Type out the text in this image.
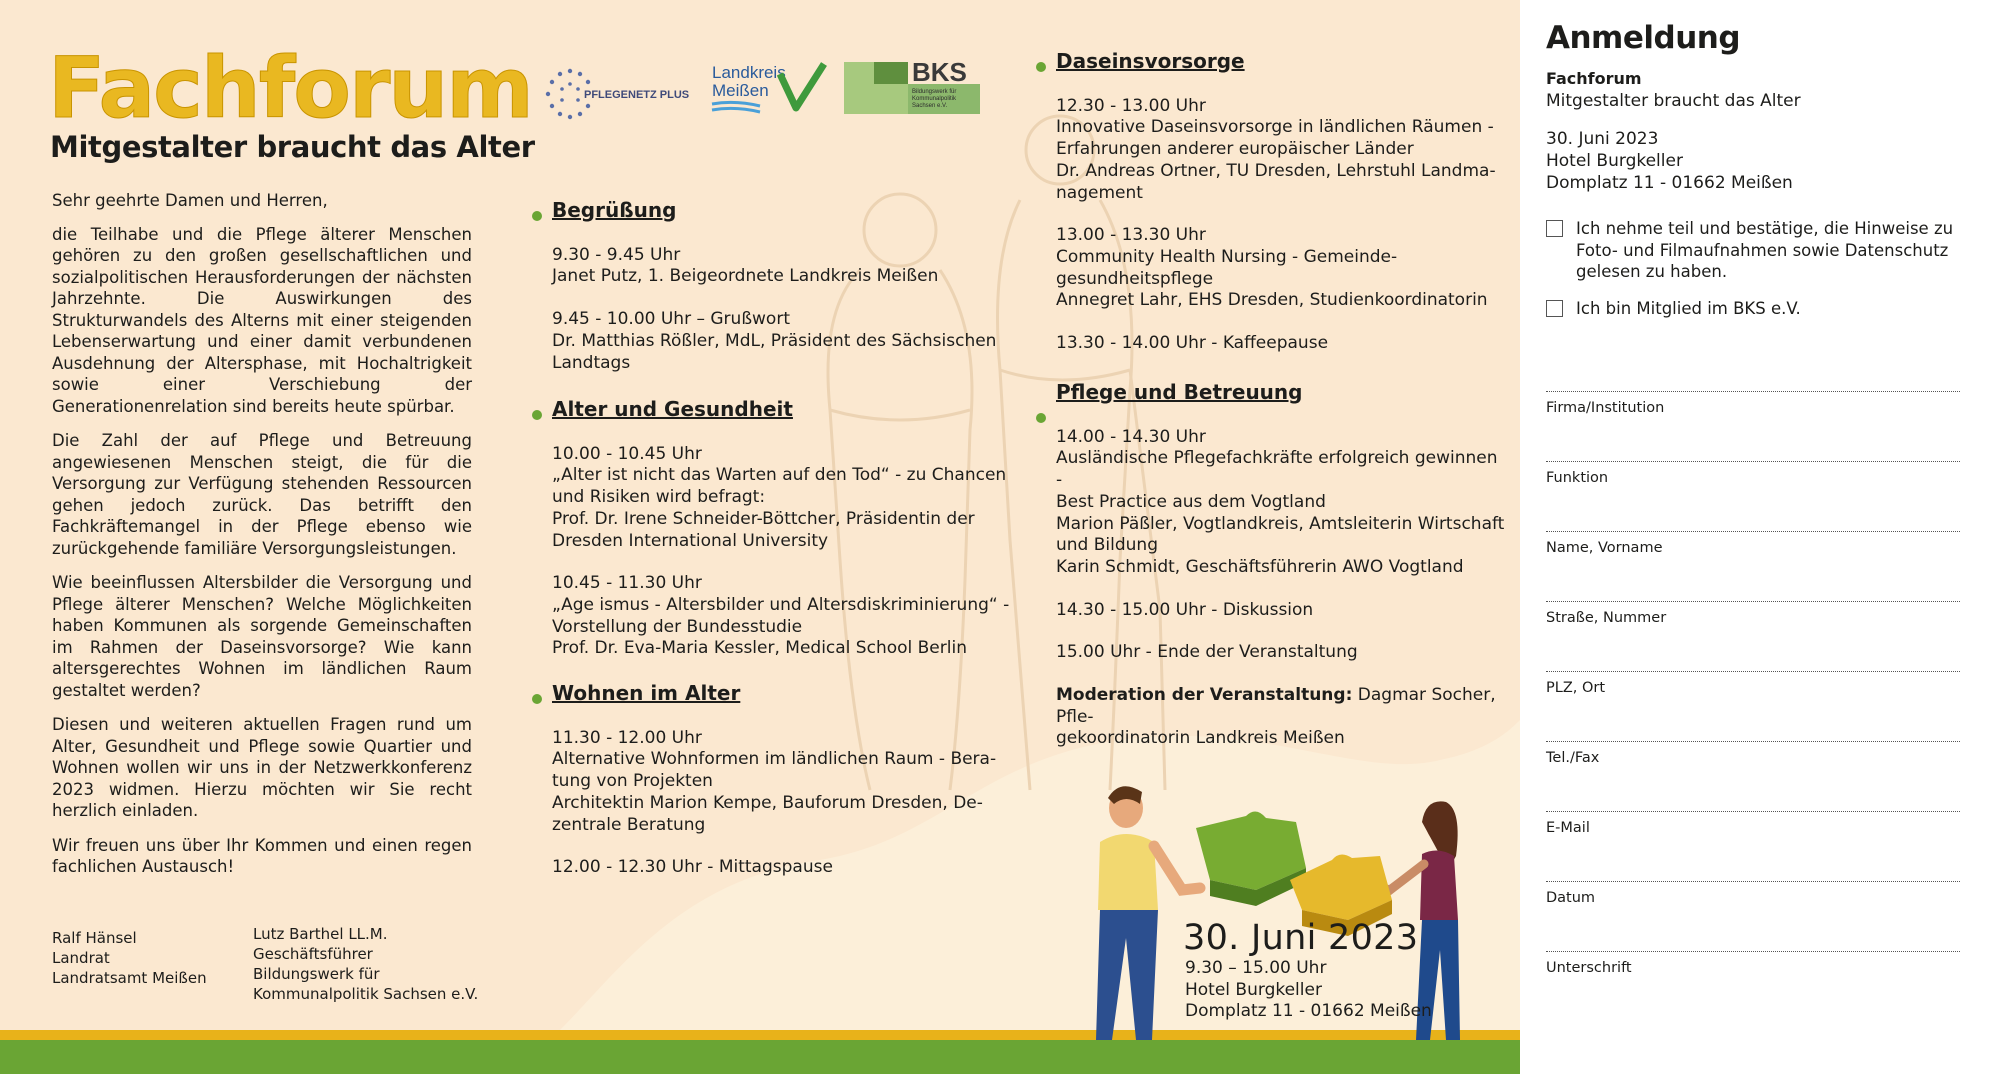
Fachforum
Mitgestalter braucht das Alter

Sehr geehrte Damen und Herren,

die Teilhabe und die Pflege älterer Menschen gehören zu den großen gesellschaftlichen und sozialpolitischen Herausforderungen der nächsten Jahrzehnte. Die Auswirkungen des Strukturwandels des Alterns mit einer steigenden Lebenserwartung und einer damit verbundenen Ausdehnung der Altersphase, mit Hochaltrigkeit sowie einer Verschiebung der Generationenrelation sind bereits heute spürbar.

Die Zahl der auf Pflege und Betreuung angewiesenen Menschen steigt, die für die Versorgung zur Verfügung stehenden Ressourcen gehen jedoch zurück. Das betrifft den Fachkräftemangel in der Pflege ebenso wie zurückgehende familiäre Versorgungsleistungen.

Wie beeinflussen Altersbilder die Versorgung und Pflege älterer Menschen? Welche Möglichkeiten haben Kommunen als sorgende Gemeinschaften im Rahmen der Daseinsvorsorge? Wie kann altersgerechtes Wohnen im ländlichen Raum gestaltet werden?

Diesen und weiteren aktuellen Fragen rund um Alter, Gesundheit und Pflege sowie Quartier und Wohnen wollen wir uns in der Netzwerkkonferenz 2023 widmen. Hierzu möchten wir Sie recht herzlich einladen.

Wir freuen uns über Ihr Kommen und einen regen fachlichen Austausch!

Ralf Hänsel
Landrat
Landratsamt Meißen
Lutz Barthel LL.M.
Geschäftsführer
Bildungswerk für
Kommunalpolitik Sachsen e.V.
PFLEGENETZ PLUS
Landkreis
Meißen
BKS
Bildungswerk für
Kommunalpolitik
Sachsen e.V.
Begrüßung

9.30 - 9.45 Uhr
Janet Putz, 1. Beigeordnete Landkreis Meißen

9.45 - 10.00 Uhr – Grußwort
Dr. Matthias Rößler, MdL, Präsident des Sächsischen
Landtags

Alter und Gesundheit

10.00 - 10.45 Uhr
„Alter ist nicht das Warten auf den Tod“ - zu Chancen
und Risiken wird befragt:
Prof. Dr. Irene Schneider-Böttcher, Präsidentin der
Dresden International University

10.45 - 11.30 Uhr
„Age ismus - Altersbilder und Altersdiskriminierung“ -
Vorstellung der Bundesstudie
Prof. Dr. Eva-Maria Kessler, Medical School Berlin

Wohnen im Alter

11.30 - 12.00 Uhr
Alternative Wohnformen im ländlichen Raum - Bera-
tung von Projekten
Architektin Marion Kempe, Bauforum Dresden, De-
zentrale Beratung

12.00 - 12.30 Uhr - Mittagspause

Daseinsvorsorge

12.30 - 13.00 Uhr
Innovative Daseinsvorsorge in ländlichen Räumen -
Erfahrungen anderer europäischer Länder
Dr. Andreas Ortner, TU Dresden, Lehrstuhl Landma-
nagement

13.00 - 13.30 Uhr
Community Health Nursing - Gemeinde-
gesundheitspflege
Annegret Lahr, EHS Dresden, Studienkoordinatorin

13.30 - 14.00 Uhr - Kaffeepause

Pflege und Betreuung

14.00 - 14.30 Uhr
Ausländische Pflegefachkräfte erfolgreich gewinnen -
Best Practice aus dem Vogtland
Marion Päßler, Vogtlandkreis, Amtsleiterin Wirtschaft
und Bildung
Karin Schmidt, Geschäftsführerin AWO Vogtland

14.30 - 15.00 Uhr - Diskussion

15.00 Uhr - Ende der Veranstaltung

Moderation der Veranstaltung: Dagmar Socher, Pfle-
gekoordinatorin Landkreis Meißen

30. Juni 2023
9.30 – 15.00 Uhr
Hotel Burgkeller
Domplatz 11 - 01662 Meißen
Anmeldung
Fachforum
Mitgestalter braucht das Alter
30. Juni 2023
Hotel Burgkeller
Domplatz 11 - 01662 Meißen
Ich nehme teil und bestätige, die Hinweise zu Foto- und Filmaufnahmen sowie Datenschutz gelesen zu haben.
Ich bin Mitglied im BKS e.V.
Firma/Institution
Funktion
Name, Vorname
Straße, Nummer
PLZ, Ort
Tel./Fax
E-Mail
Datum
Unterschrift
